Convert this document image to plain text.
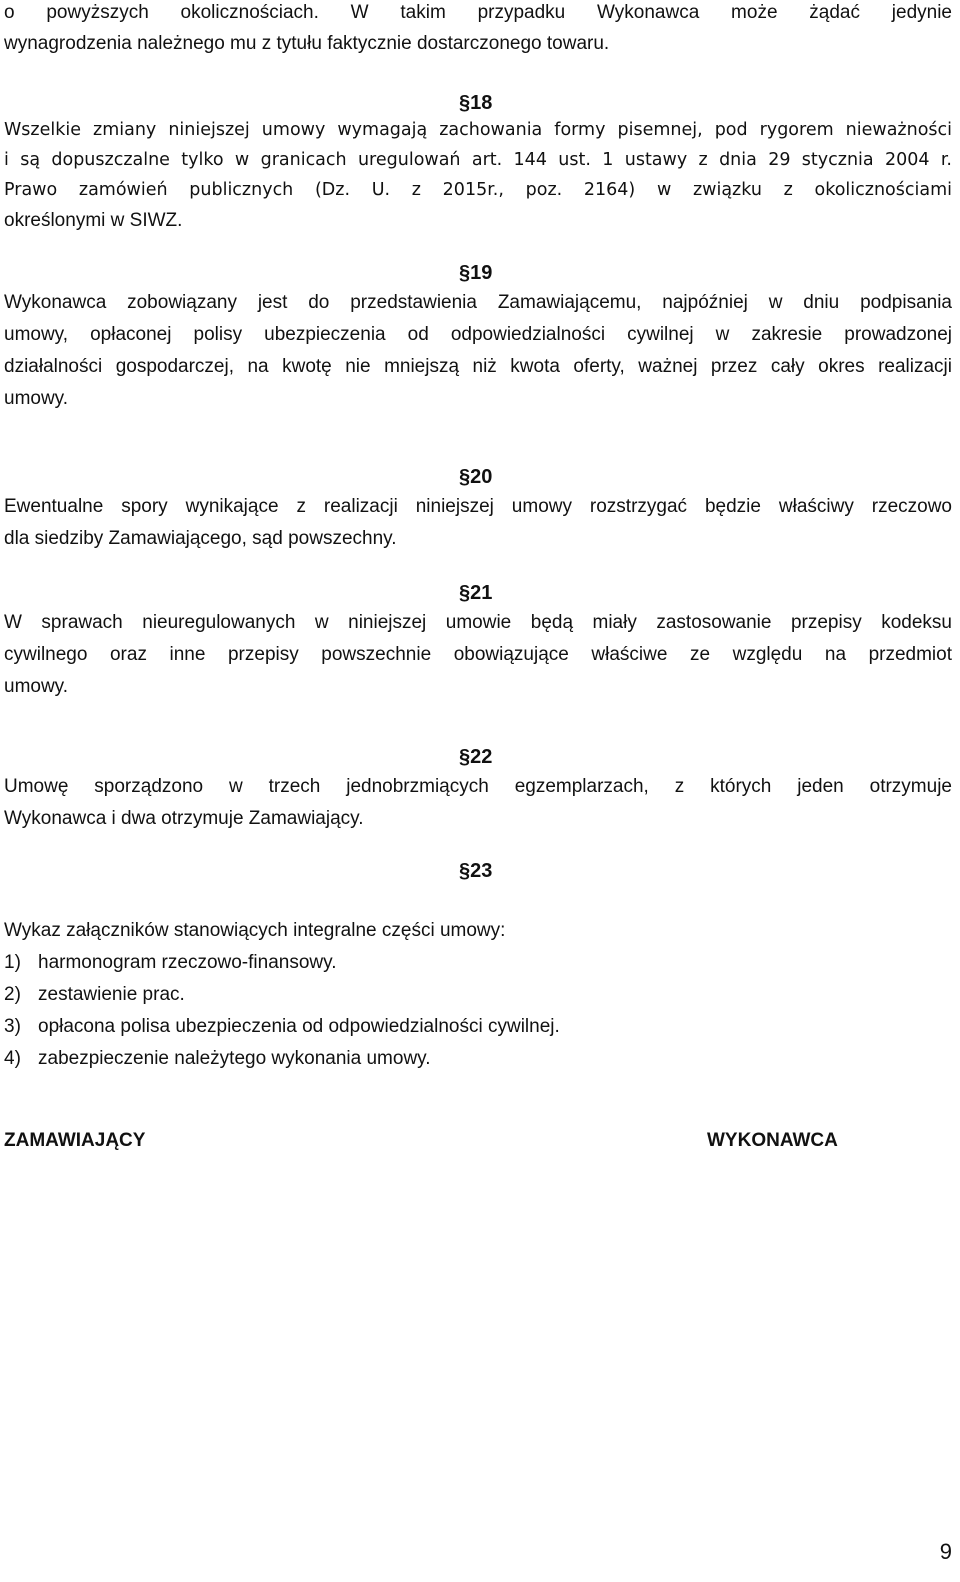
o powyższych okolicznościach. W takim przypadku Wykonawca może żądać jedynie
wynagrodzenia należnego mu z tytułu faktycznie dostarczonego towaru.
§18
Wszelkie zmiany niniejszej umowy wymagają zachowania formy pisemnej, pod rygorem nieważności
i są dopuszczalne tylko w granicach uregulowań art. 144 ust. 1 ustawy z dnia 29 stycznia 2004 r.
Prawo zamówień publicznych (Dz. U. z 2015r., poz. 2164) w związku z okolicznościami
określonymi w SIWZ.
§19
Wykonawca zobowiązany jest do przedstawienia Zamawiającemu, najpóźniej w dniu podpisania
umowy, opłaconej polisy ubezpieczenia od odpowiedzialności cywilnej w zakresie prowadzonej
działalności gospodarczej, na kwotę nie mniejszą niż kwota oferty, ważnej przez cały okres realizacji
umowy.
§20
Ewentualne spory wynikające z realizacji niniejszej umowy rozstrzygać będzie właściwy rzeczowo
dla siedziby Zamawiającego, sąd powszechny.
§21
W sprawach nieuregulowanych w niniejszej umowie będą miały zastosowanie przepisy kodeksu
cywilnego oraz inne przepisy powszechnie obowiązujące właściwe ze względu na przedmiot
umowy.
§22
Umowę sporządzono w trzech jednobrzmiących egzemplarzach, z których jeden otrzymuje
Wykonawca i dwa otrzymuje Zamawiający.
§23
Wykaz załączników stanowiących integralne części umowy:
1) harmonogram rzeczowo-finansowy.
2) zestawienie prac.
3) opłacona polisa ubezpieczenia od odpowiedzialności cywilnej.
4) zabezpieczenie należytego wykonania umowy.
ZAMAWIAJĄCY	WYKONAWCA
9
